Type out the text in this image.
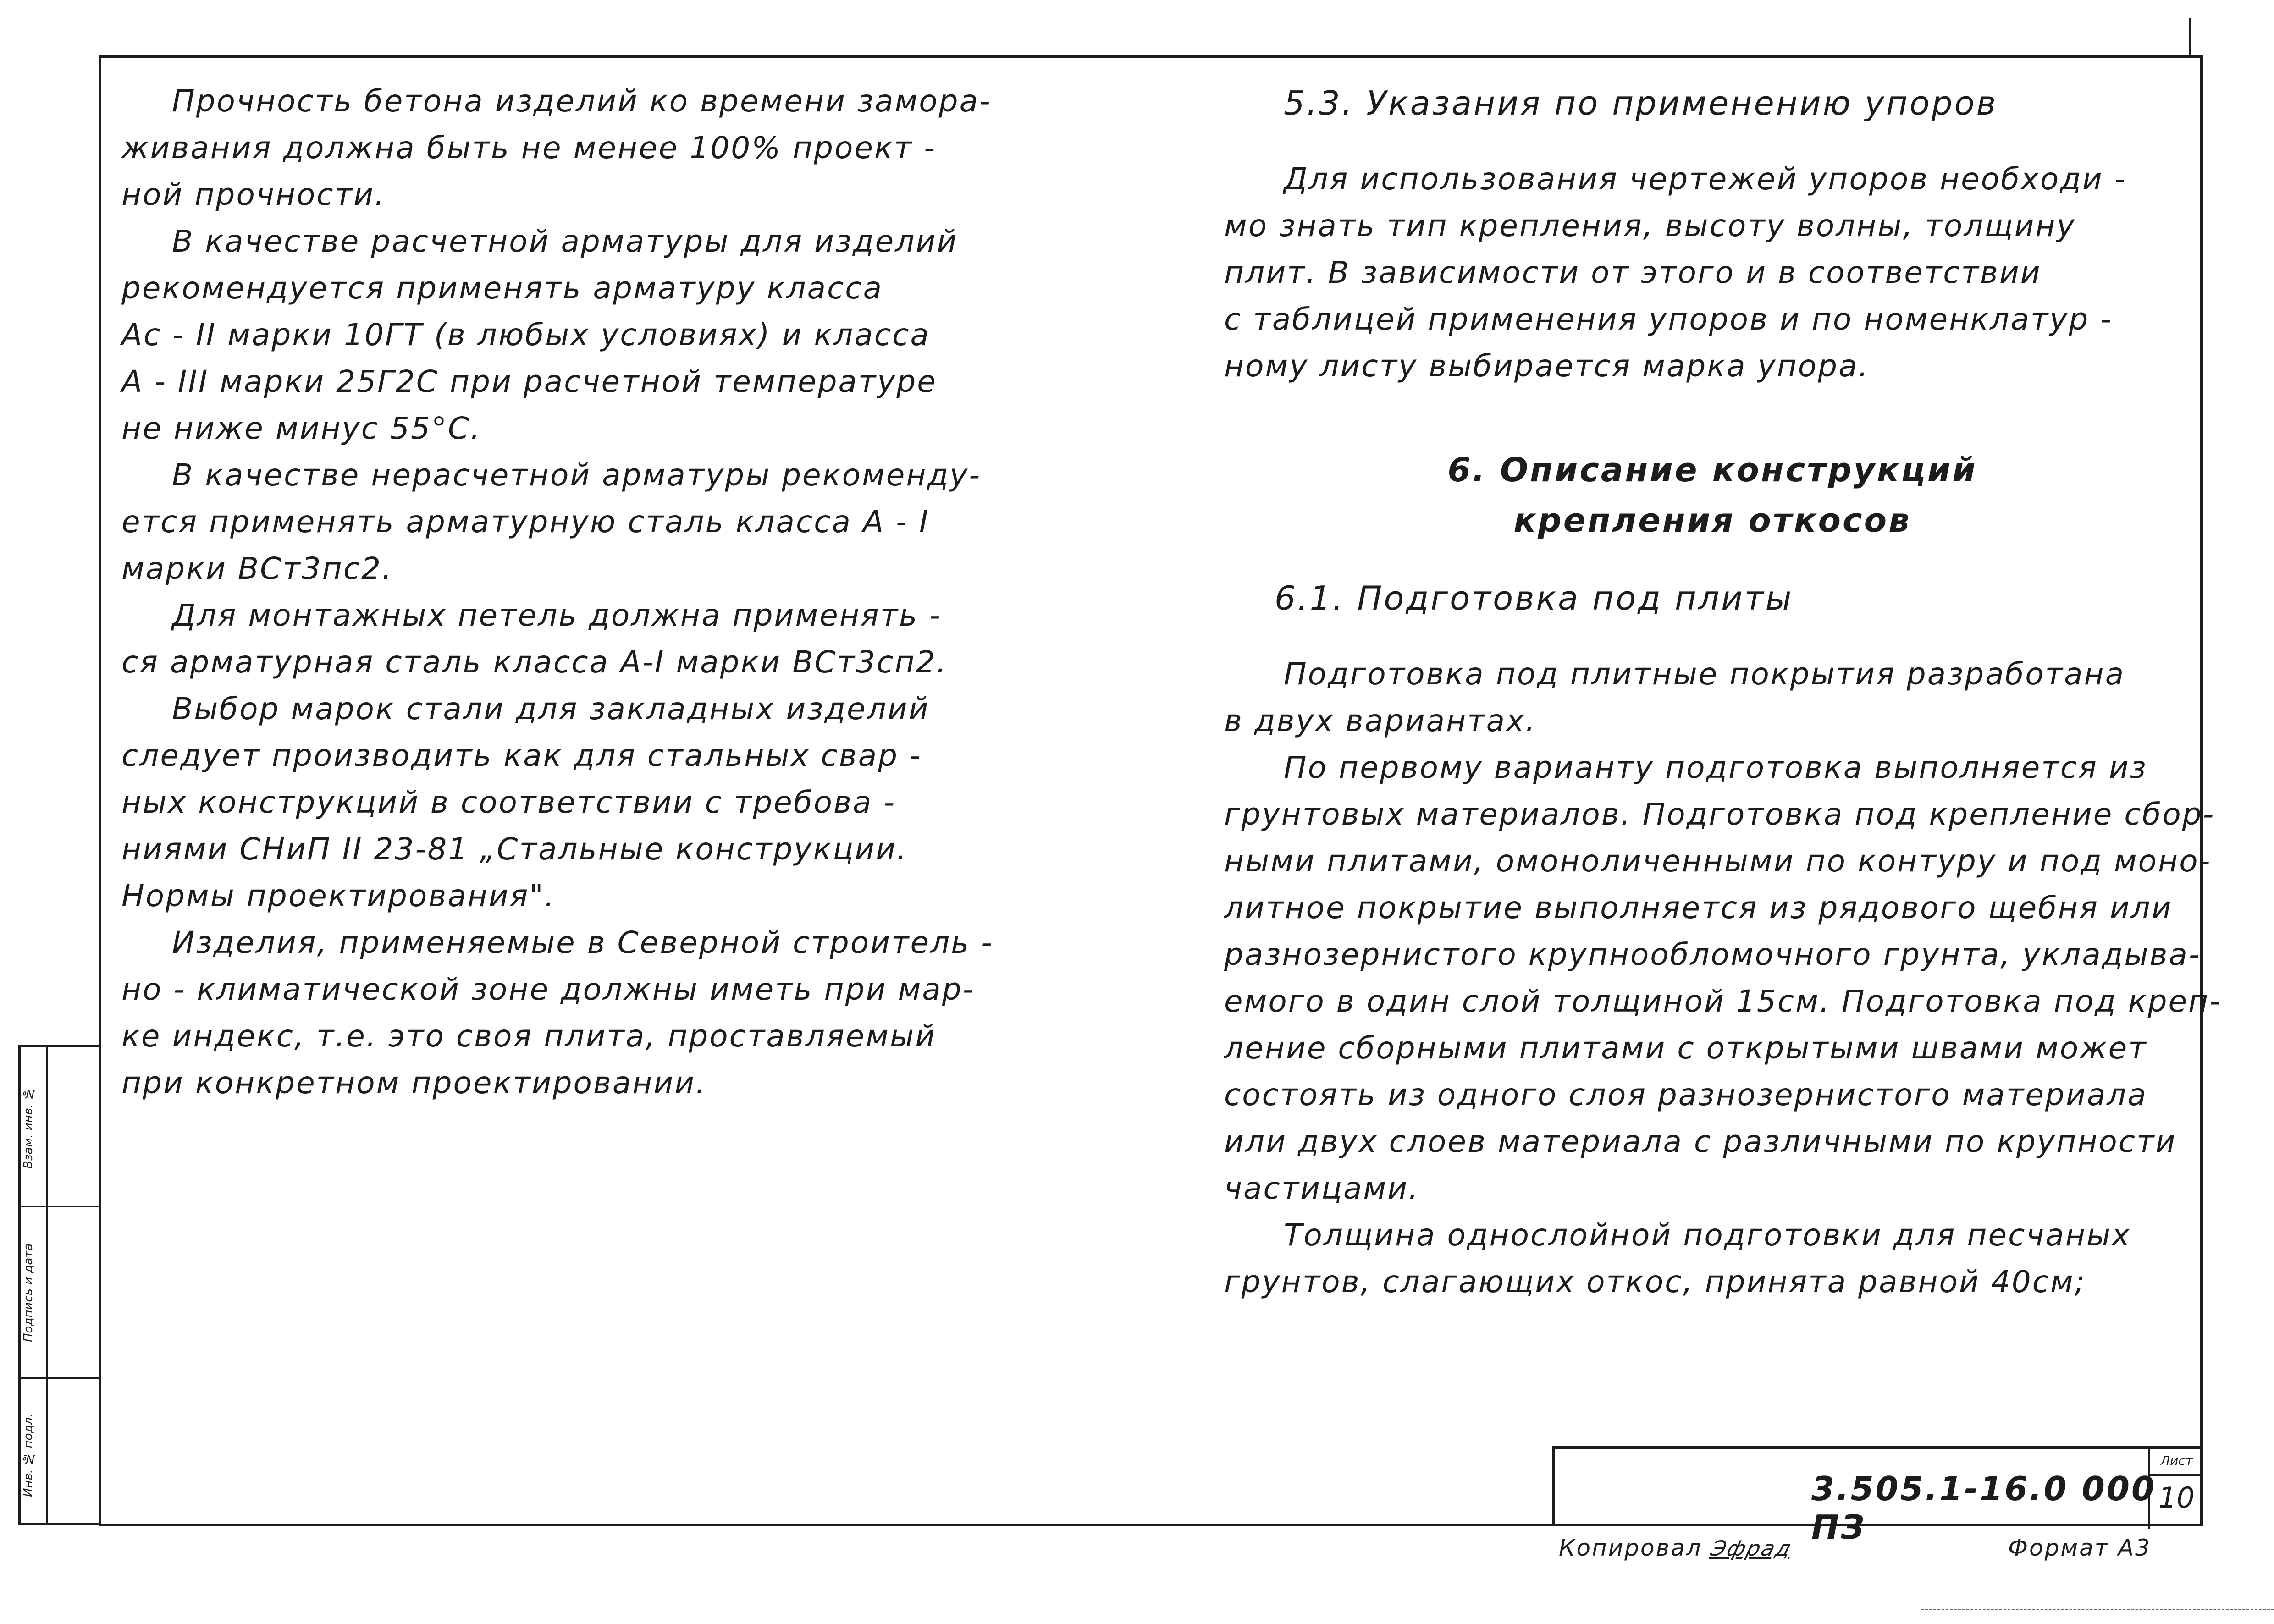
Инв. № подл.
Подпись и дата
Взам. инв. №
Прочность бетона изделий ко времени замора-
живания должна быть не менее 100% проект -
ной прочности.
В качестве расчетной арматуры для изделий
рекомендуется применять арматуру класса
Ас - II марки 10ГТ (в любых условиях) и класса
А - III марки 25Г2С при расчетной температуре
не ниже минус 55°С.
В качестве нерасчетной арматуры рекоменду-
ется применять арматурную сталь класса А - I
марки ВСт3пс2.
Для монтажных петель должна применять -
ся арматурная сталь класса А-I марки ВСт3сп2.
Выбор марок стали для закладных изделий
следует производить как для стальных свар -
ных конструкций в соответствии с требова -
ниями СНиП II 23-81 „Стальные конструкции.
Нормы проектирования".
Изделия, применяемые в Северной строитель -
но - климатической зоне должны иметь при мар-
ке индекс, т.е. это своя плита, проставляемый
при конкретном проектировании.
5.3. Указания по применению упоров
Для использования чертежей упоров необходи -
мо знать тип крепления, высоту волны, толщину
плит. В зависимости от этого и в соответствии
с таблицей применения упоров и по номенклатур -
ному листу выбирается марка упора.
6. Описание конструкций
крепления откосов
6.1. Подготовка под плиты
Подготовка под плитные покрытия разработана
в двух вариантах.
По первому варианту подготовка выполняется из
грунтовых материалов. Подготовка под крепление сбор-
ными плитами, омоноличенными по контуру и под моно-
литное покрытие выполняется из рядового щебня или
разнозернистого крупнообломочного грунта, укладыва-
емого в один слой толщиной 15см. Подготовка под креп-
ление сборными плитами с открытыми швами может
состоять из одного слоя разнозернистого материала
или двух слоев материала с различными по крупности
частицами.
Толщина однослойной подготовки для песчаных
грунтов, слагающих откос, принята равной 40см;
3.505.1-16.0 000 ПЗ
Лист
10
Копировал Эфрад	Формат А3
